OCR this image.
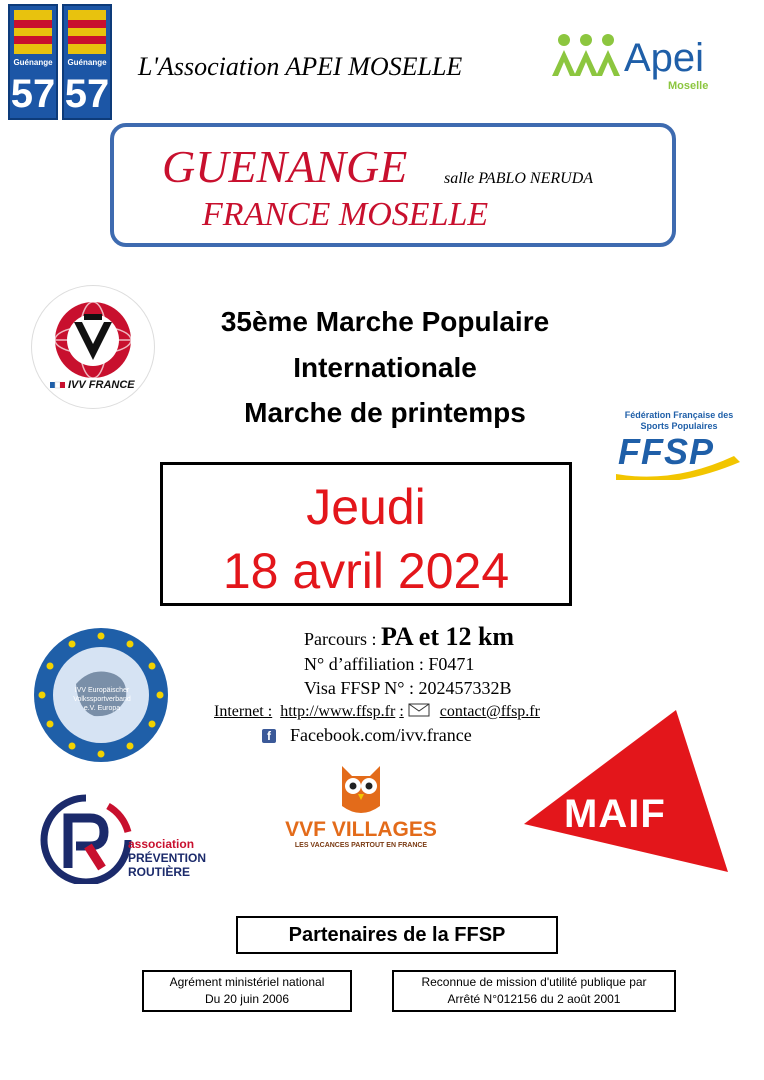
Guénange
57
Guénange
57
L'Association APEI MOSELLE	Apei
Moselle
GUENANGE salle PABLO NERUDA
FRANCE MOSELLE
IVV FRANCE
35ème Marche Populaire
Internationale
Marche de printemps	Fédération Française des Sports Populaires
FFSP
Jeudi
18 avril 2024
IVV Europäischer Volkssportverband e.V. Europa
Parcours : PA et 12 km
N° d’affiliation : F0471
Visa FFSP N° : 202457332B
Internet : http://www.ffsp.fr : contact@ffsp.fr
f Facebook.com/ivv.france
association
PRÉVENTION
ROUTIÈRE
VVF VILLAGES
LES VACANCES PARTOUT EN FRANCE
MAIF
Partenaires de la FFSP
Agrément ministériel national
Du 20 juin 2006
Reconnue de mission d'utilité publique par
Arrêté N°012156 du 2 août 2001
